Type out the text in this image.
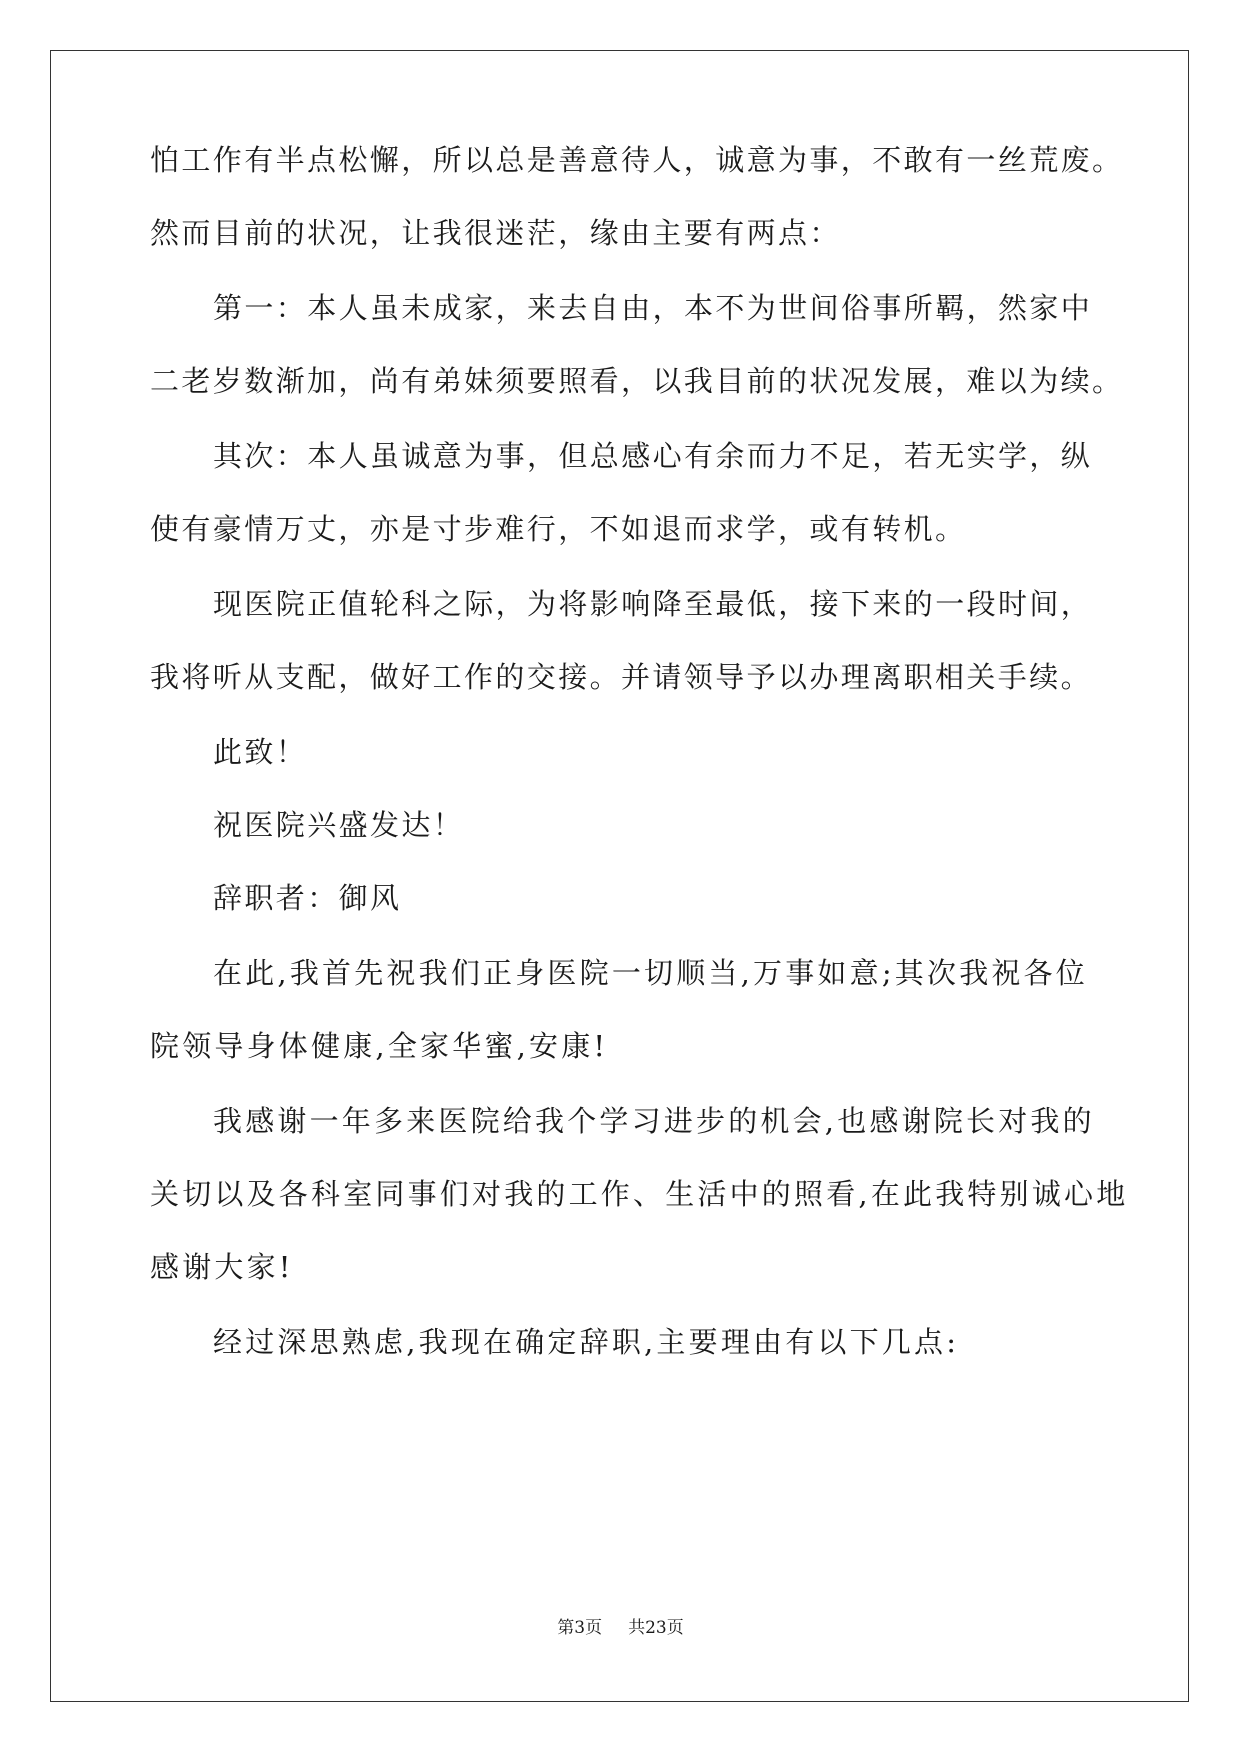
怕工作有半点松懈，所以总是善意待人，诚意为事，不敢有一丝荒废。
然而目前的状况，让我很迷茫，缘由主要有两点：
第一：本人虽未成家，来去自由，本不为世间俗事所羁，然家中
二老岁数渐加，尚有弟妹须要照看，以我目前的状况发展，难以为续。
其次：本人虽诚意为事，但总感心有余而力不足，若无实学，纵
使有豪情万丈，亦是寸步难行，不如退而求学，或有转机。
现医院正值轮科之际，为将影响降至最低，接下来的一段时间，
我将听从支配，做好工作的交接。并请领导予以办理离职相关手续。
此致！
祝医院兴盛发达！
辞职者：御风
在此,我首先祝我们正身医院一切顺当,万事如意;其次我祝各位
院领导身体健康,全家华蜜,安康!
我感谢一年多来医院给我个学习进步的机会,也感谢院长对我的
关切以及各科室同事们对我的工作、生活中的照看,在此我特别诚心地
感谢大家!
经过深思熟虑,我现在确定辞职,主要理由有以下几点:
第3页 共23页
